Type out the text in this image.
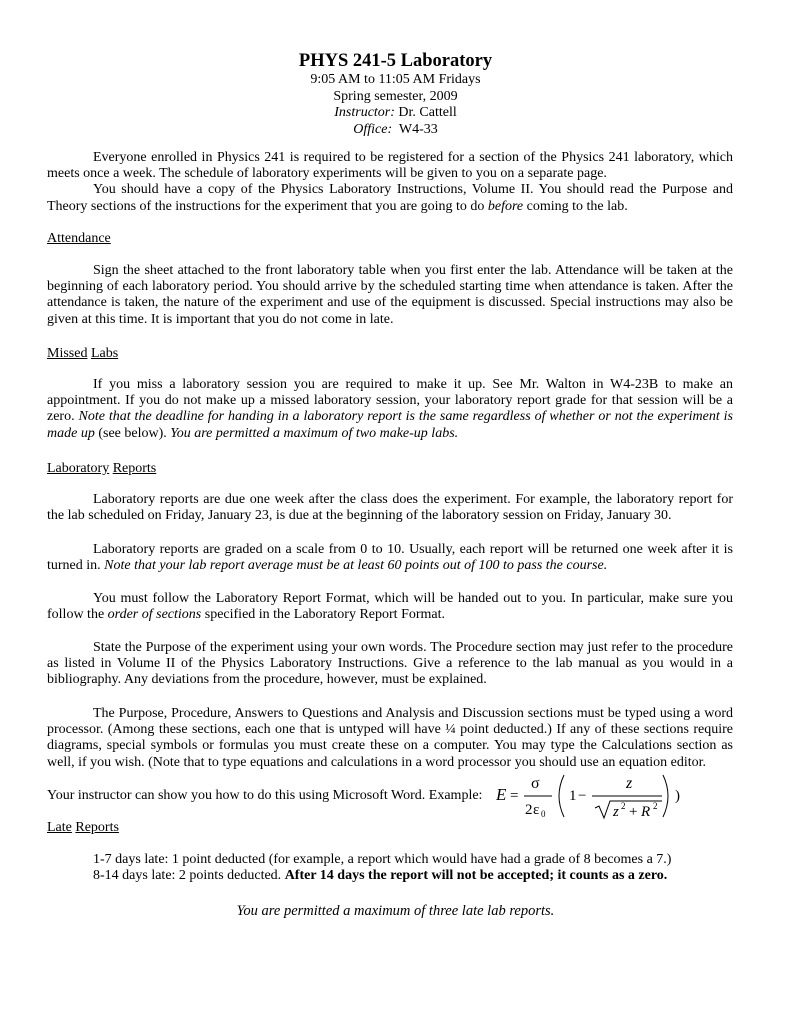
PHYS 241-5 Laboratory
9:05 AM to 11:05 AM Fridays
Spring semester, 2009
Instructor: Dr. Cattell
Office:  W4-33

Everyone enrolled in Physics 241 is required to be registered for a section of the Physics 241 laboratory, which meets once a week. The schedule of laboratory experiments will be given to you on a separate page.

You should have a copy of the Physics Laboratory Instructions, Volume II. You should read the Purpose and Theory sections of the instructions for the experiment that you are going to do before coming to the lab.

Attendance

Sign the sheet attached to the front laboratory table when you first enter the lab. Attendance will be taken at the beginning of each laboratory period. You should arrive by the scheduled starting time when attendance is taken. After the attendance is taken, the nature of the experiment and use of the equipment is discussed. Special instructions may also be given at this time. It is important that you do not come in late.

Missed Labs

If you miss a laboratory session you are required to make it up. See Mr. Walton in W4-23B to make an appointment. If you do not make up a missed laboratory session, your laboratory report grade for that session will be a zero. Note that the deadline for handing in a laboratory report is the same regardless of whether or not the experiment is made up (see below). You are permitted a maximum of two make-up labs.

Laboratory Reports

Laboratory reports are due one week after the class does the experiment. For example, the laboratory report for the lab scheduled on Friday, January 23, is due at the beginning of the laboratory session on Friday, January 30.

Laboratory reports are graded on a scale from 0 to 10. Usually, each report will be returned one week after it is turned in. Note that your lab report average must be at least 60 points out of 100 to pass the course.

You must follow the Laboratory Report Format, which will be handed out to you. In particular, make sure you follow the order of sections specified in the Laboratory Report Format.

State the Purpose of the experiment using your own words. The Procedure section may just refer to the procedure as listed in Volume II of the Physics Laboratory Instructions. Give a reference to the lab manual as you would in a bibliography. Any deviations from the procedure, however, must be explained.

The Purpose, Procedure, Answers to Questions and Analysis and Discussion sections must be typed using a word processor. (Among these sections, each one that is untyped will have ¼ point deducted.) If any of these sections require diagrams, special symbols or formulas you must create these on a computer. You may type the Calculations section as well, if you wish. (Note that to type equations and calculations in a word processor you should use an equation editor.

Your instructor can show you how to do this using Microsoft Word. Example: E =
σ
2 ε 0
1 −
z
z 2 + R 2
)
Late Reports
1-7 days late: 1 point deducted (for example, a report which would have had a grade of 8 becomes a 7.)
8-14 days late: 2 points deducted. After 14 days the report will not be accepted; it counts as a zero.
You are permitted a maximum of three late lab reports.
